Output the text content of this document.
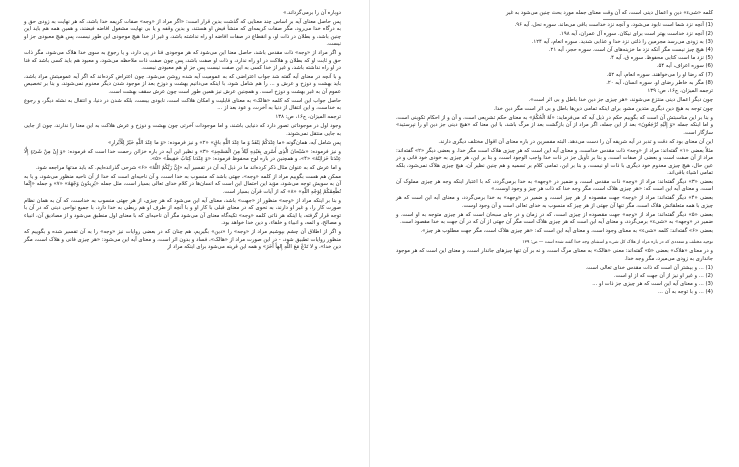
دوباره آن را برمی‌گرداند.»

پس حاصل معنای آیه بر اساس چند معنایی که گذشت بدین قرار است: «اگر مراد از «وجه» صفات کریمه خدا باشد، که هر نهایت به زودی حق و به درگاه خدا می‌رود، مگر صفات کریمه‌ای که منشأ فیض او هستند، و بدین وقفه و یا بی نهایت مشغول افاضه فیضند، و همین همه هم باید این چنین باشد، و بطلان در ذات او، و انقطاع در صفات افاضه او راه نداشته باشد، و غیر از خدا هیچ موجودی این طور نیست، پس هیچ معبودی جز او نیست.

و اگر مراد از «وجه» ذات مقدس باشد، حاصل معنا این می‌شود که هر موجودی فنا در پی دارد، و یا رجوع به سوی خدا هلاک می‌شود، مگر ذات حق و ثابت او که بطلان و هلاکت در او راه ندارد، و ذات او صفت باشد، پس چون صفت ذات ملاحظه می‌شود، و معبود هم باید کسی باشد که فنا در او راه نداشته باشد، و غیر از خدا کسی به این صفت نیست پس جز او هم معبودی نیست.

و با آنچه در معنای آیه گفته شد جواب اعتراضی که به عمومیت آیه شده روشن می‌شود. چون اعتراض کرده‌اند که اگر آیه عمومیتش مراد باشد، باید بهشت و دوزخ و عرش و ... را هم شامل شود، با اینکه می‌دانیم بهشت و دوزخ بعد از موجود شدن دیگر معدوم نمی‌شوند، و بنا بر تخصیص عموم آن به غیر بهشت و دوزخ است. و همچنین عرش نیز همین طور است چون عرش سقف بهشت است.

حاصل جواب این است که کلمه «هالک» به معنای قابلیت و امکان هلاکت است، نابودی بیست، بلکه شدن در دنیا، و انتقال به نشئه دیگر، و رجوع به خداست، و این انتقال از دنیا به آخرت، و عود بعد از ...

ترجمه المیزان، ج۱۶، ص: ۱۳۸

وجود اول در موجوداتی تصور دارد که دنیایی باشند، و اما موجودات آخرتی چون بهشت و دوزخ و عرش هلاکت به این معنا را ندارند، چون از جایی به جایی منتقل نمی‌شوند.

پس شامل آیه، همان‌گونه «ما عِنْدَکُمْ یَنْفَدُ وَ ما عِنْدَ اللَّهِ باقٍ» «۲» و نیز فرموده: «وَ ما عِنْدَ اللَّهِ خَیْرٌ لِلْأَبْرارِ»

و نیز فرموده: «سُبْحانَ الَّذِی أَسْری بِعَبْدِهِ لَیْلاً مِنَ الْمَسْجِدِ» «۳» و نظیر این آیه در باره خزائن رحمت خدا است که فرموده: «وَ إِنْ مِنْ شَیْءٍ إِلَّا عِنْدَنا خَزائِنُهُ» «۴»، و همچنین در باره لوح محفوظ فرموده: «وَ عِنْدَنا کِتابٌ حَفِیظٌ» «۵».

و اما عرش که به عنوان مثال ذکر کرده‌اند ما در ذیل آیه آن در تفسیر آیه «إِنَّ رَبَّکُمُ اللَّهُ» «۶» شرحی گذرانده‌ایم. که باید مدتها مراجعه شود.

ممکن هم هست بگوییم مراد از کلمه «وجه»، جهتی باشد که منسوب به خدا است، و آن ناحیه‌ای است که خدا از آن ناحیه منظور می‌شود، و یا به آن به سویش توجه می‌شود، مؤید این احتمال این است که انسان‌ها در کلام خدای تعالی بسیار است، مثل جمله «یُرِیدُونَ وَجْهَهُ» «۷» و جمله «إِنَّما نُطْعِمُکُمْ لِوَجْهِ اللَّهِ» «۸» که از آیات قرآن بسیار است.

و بنا بر اینکه مراد از «وجه» منظور از «جهت» باشد، معنای آیه این می‌شود که هر چیزی، از هر جهتی منسوب به خداست، که آن به همان نظام صورت کار را، و غیر او دارند، به نحوی که در معنای قبلی با کار او و با آنچه از طرف او هم ربطی به خدا دارد، با جمیع نواحی دینی که در آن با توجه قرار گرفته، یا اینکه هر ذاتی کلمه «وجه» تکیه‌گاه معنای آن می‌شود مگر آن ناحیه‌ای که با معنای اول منطبق می‌شود و از مصادیق آن، انبیاء و مصالح، و ائمه، و انبیاء و خلفاء، و دین خدا خواهد بود.

و اگر از اطلاق آن چشم بپوشیم مراد از «وجه» را «دین» بگیریم، هم چنان که در بعضی روایات نیز «وجه» را به آن تفسیر شده و بگوییم که منظور روایات تطبیق شود، - در این صورت مراد از «هالک»، فساد و بدون اثر است، و معنای آیه این می‌شود: «هر چیزی فانی و هلاک است، مگر دین خدا»، و لا تَدْعُ مَعَ اللَّهِ إِلهاً آخَرَ» و همه این قرینه می‌شود برای اینکه مراد از

کلمه «شیء» دین و اعمال دینی است، که آن وقت معنای جمله مورد بحث چنین می‌شود به غیر

(1) آنچه نزد شما است نابود می‌شود، و آنچه نزد خداست باقی می‌ماند. سوره نحل، آیه ۹۶.

(2) آنچه نزد خداست بهتر است برای نیکان. سوره آل عمران، آیه ۱۹۸.

(3) به زودی می‌رسد مجرمین را ذلتی نزد خدا و عذابی شدید. سوره انعام، آیه ۱۲۴.

(4) هیچ چیز نیست مگر آنکه نزد ما خزینه‌های آن است. سوره حجر، آیه ۲۱.

(5) نزد ما است کتابی محفوظ. سوره ق، آیه ۴.

(6) سوره اعراف، آیه ۵۴.

(7) که رضا او را می‌خواهند. سوره انعام، آیه ۵۲.

(8) مگر به خاطر رضای او. سوره انسان، آیه ۲۰.

ترجمه المیزان، ج۱۶، ص: ۱۳۹

چون دیگر اعمال دینی منتزع می‌شوند، «هر چیزی جز دین خدا باطل و بی اثر است».

چون توجه به هیچ دین دیگری متدین مشو، برای اینکه تمامی دین‌ها باطل و بی اثر است مگر دین خدا.

و بنا بر این مناسبتش آن است که بگوییم حکم در ذیل آیه که می‌فرماید: «لَهُ الْحُکْمُ» به معنای حکم تشریعی است، و آن و از احکام تکوینی است، و اما اینکه جمله «وَ إِلَیْهِ تُرْجَعُونَ» بعد از این جمله، اگر مراد از آن بازگشت بعد از مرگ باشد، با این معنا که «هیچ دینی جز دین او را نپرستید» سازگار است.

این آن معنای بود که دقت و تدبر در آیه شریفه آن را دست می‌دهد. البته مفسرین در باره معنای آن اقوال مختلف دیگری دارند.

مثلاً بعضی «۱» گفته‌اند: مراد از «وجه» ذات مقدس خداست، و معنای آیه این است که هر چیزی هلاک است مگر خدا. و بعضی دیگر «۲» گفته‌اند: مراد از آن صفت است و بعضی از صفات است، و بنا بر تأویل جز در ذات خدا واجب الوجود است، و بنا بر این، هر چیزی به خودی خود فانی و در عین حال، هیچ چیزی معدوم خود دیگری با ذات او نیست، و بنا بر این، تمامی کلام بر تسمیه و هم چنین نظیر آن، هیچ چیزی هلاک نمی‌شود، بلکه تمامی اشیاء باقی‌اند.

بعضی «۳» دیگر گفته‌اند: مراد از «وجه» ذات مقدس است، و ضمیر در «وجهه» به خدا برمی‌گردد، که با اعتبار اینکه وجه هر چیزی مملوک آن است، و معنای آیه این است که: «هر چیزی هلاک است، مگر وجه خدا که ذات هر چیز و وجود اوست.»

بعضی «۴» دیگر گفته‌اند: مراد از «وجه» جهت مقصوده از هر چیز است، و ضمیر در «وجهه» به خدا برمی‌گردد، و معنای آیه این است که هر چیزی با همه متعلقاتش هلاک است، مگر تنها آن جهتی از هر چیز که منسوب به خدای تعالی است و آن وجود اوست.

بعضی «۵» دیگر گفته‌اند: مراد از «وجه» جهت مقصوده از چیزی است، که در زمان و در جای سبحان است که هر چیزی متوجه به او است. و ضمیر در «وجهه» به «شیء» برمی‌گردد، و معنای آیه این است که هر چیزی هلاک است مگر آن جهتی از آن که در آن جهت به خدا مقصود است.

بعضی «۶» گفته‌اند: کلمه «شیء» به معنای وجود است، و معنای آیه این است که: «هر چیزی هلاک است، مگر جهت مطلوب هر چیز».

توجیه مختلف و متعددی که در باره مراد از هلاک کل شیء و استثنای وجه خدا گفته شده است — ص: ۱۳۹

و در معنای «هلاک» بعضی «۵» گفته‌اند: معنی «هالک» به معنای مرگ است، و نه بر آن تنها چیزهای جاندار است، و معنای این است که هر موجود جانداری به زودی می‌میرد، مگر وجه خدا.

(1) ... و بیشتر آن است که ذات مقدس خدای تعالی است.

(2) ... و غیر او نیز از آن جهت که از او است.

(3) ... و معنای آیه این است که هر چیزی جز ذات او ...

(4) ... و با توجه به آن ...
